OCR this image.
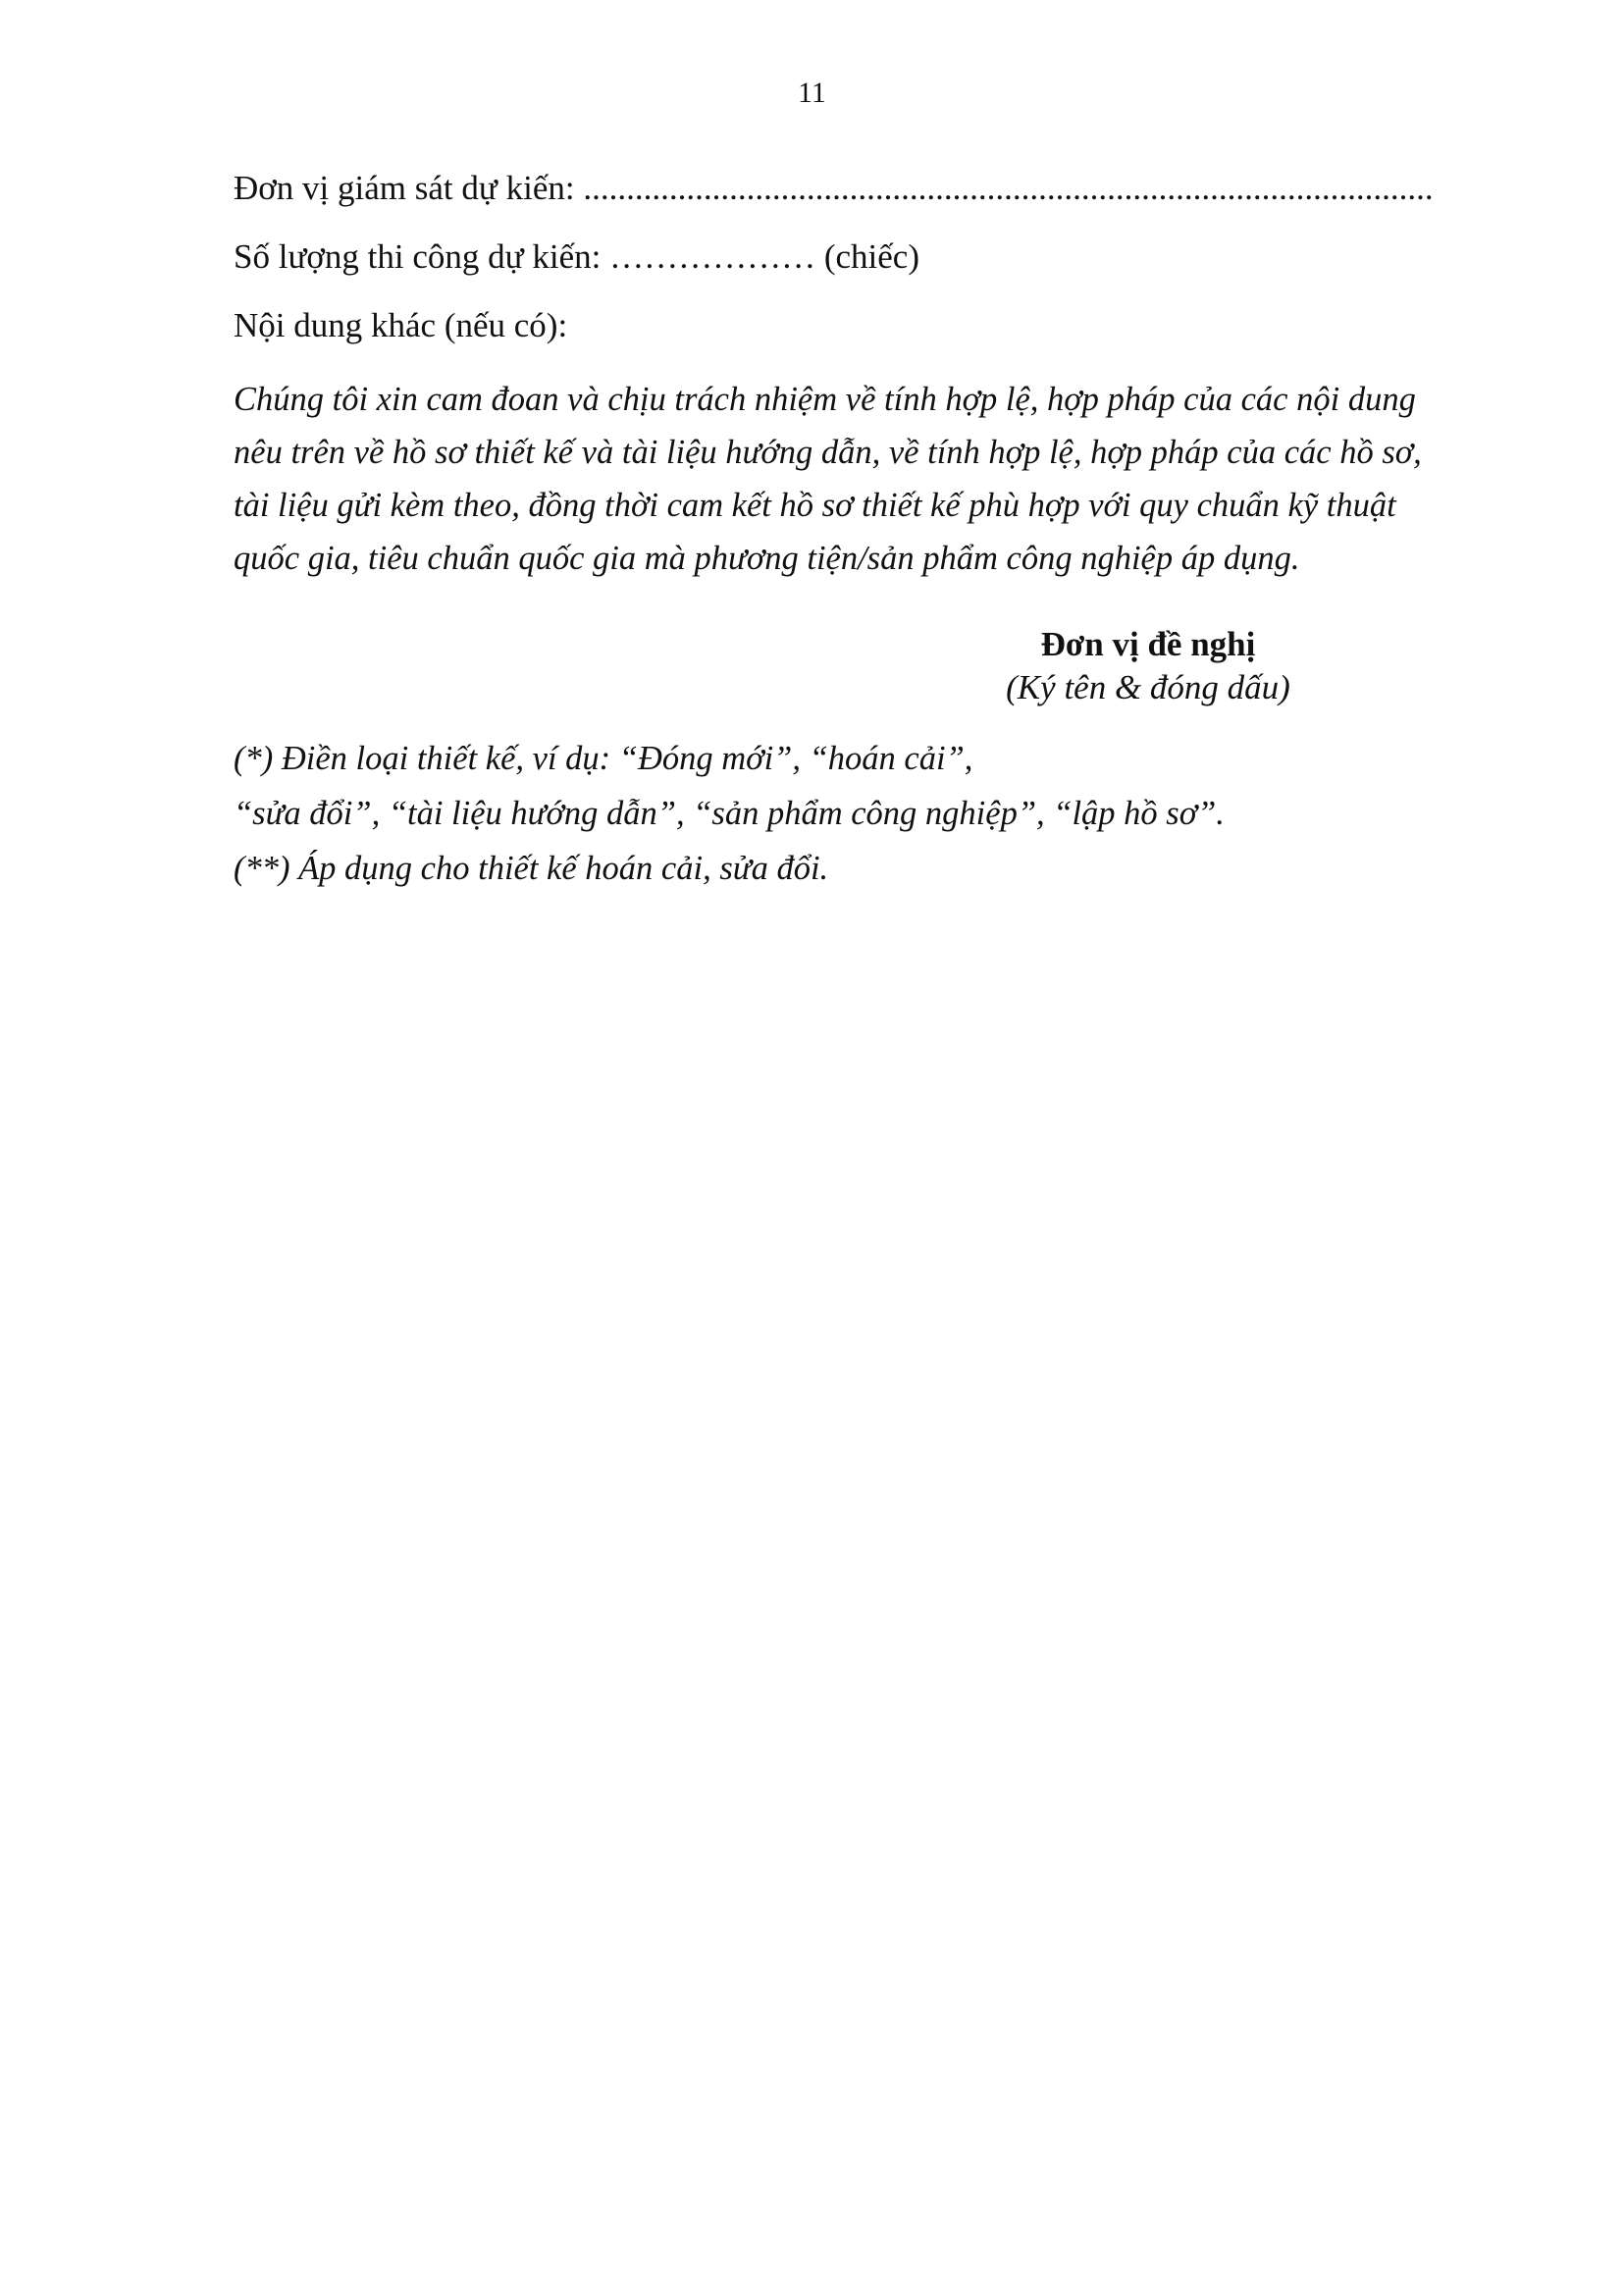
11
Đơn vị giám sát dự kiến: ...................................................................................................
Số lượng thi công dự kiến: ……………… (chiếc)
Nội dung khác (nếu có):
Chúng tôi xin cam đoan và chịu trách nhiệm về tính hợp lệ, hợp pháp của các nội dung
nêu trên về hồ sơ thiết kế và tài liệu hướng dẫn, về tính hợp lệ, hợp pháp của các hồ sơ,
tài liệu gửi kèm theo, đồng thời cam kết hồ sơ thiết kế phù hợp với quy chuẩn kỹ thuật
quốc gia, tiêu chuẩn quốc gia mà phương tiện/sản phẩm công nghiệp áp dụng.
Đơn vị đề nghị
(Ký tên & đóng dấu)
(*) Điền loại thiết kế, ví dụ: “Đóng mới”, “hoán cải”,
“sửa đổi”, “tài liệu hướng dẫn”, “sản phẩm công nghiệp”, “lập hồ sơ”.
(**) Áp dụng cho thiết kế hoán cải, sửa đổi.
